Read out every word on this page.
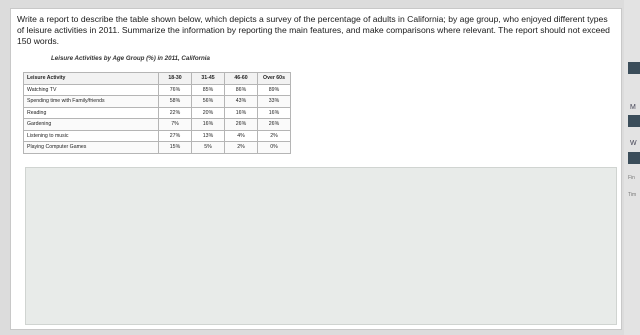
Write a report to describe the table shown below, which depicts a survey of the percentage of adults in California; by age group, who enjoyed different types of leisure activities in 2011. Summarize the information by reporting the main features, and make comparisons where relevant. The report should not exceed 150 words.
Leisure Activities by Age Group (%) in 2011, California
Leisure Activity	18-30	31-45	46-60	Over 60s
Watching TV	76%	85%	86%	89%
Spending time with Family/friends	58%	56%	43%	33%
Reading	22%	20%	16%	16%
Gardening	7%	16%	26%	26%
Listening to music	27%	13%	4%	2%
Playing Computer Games	15%	5%	2%	0%
M
W
Fin
Tim
